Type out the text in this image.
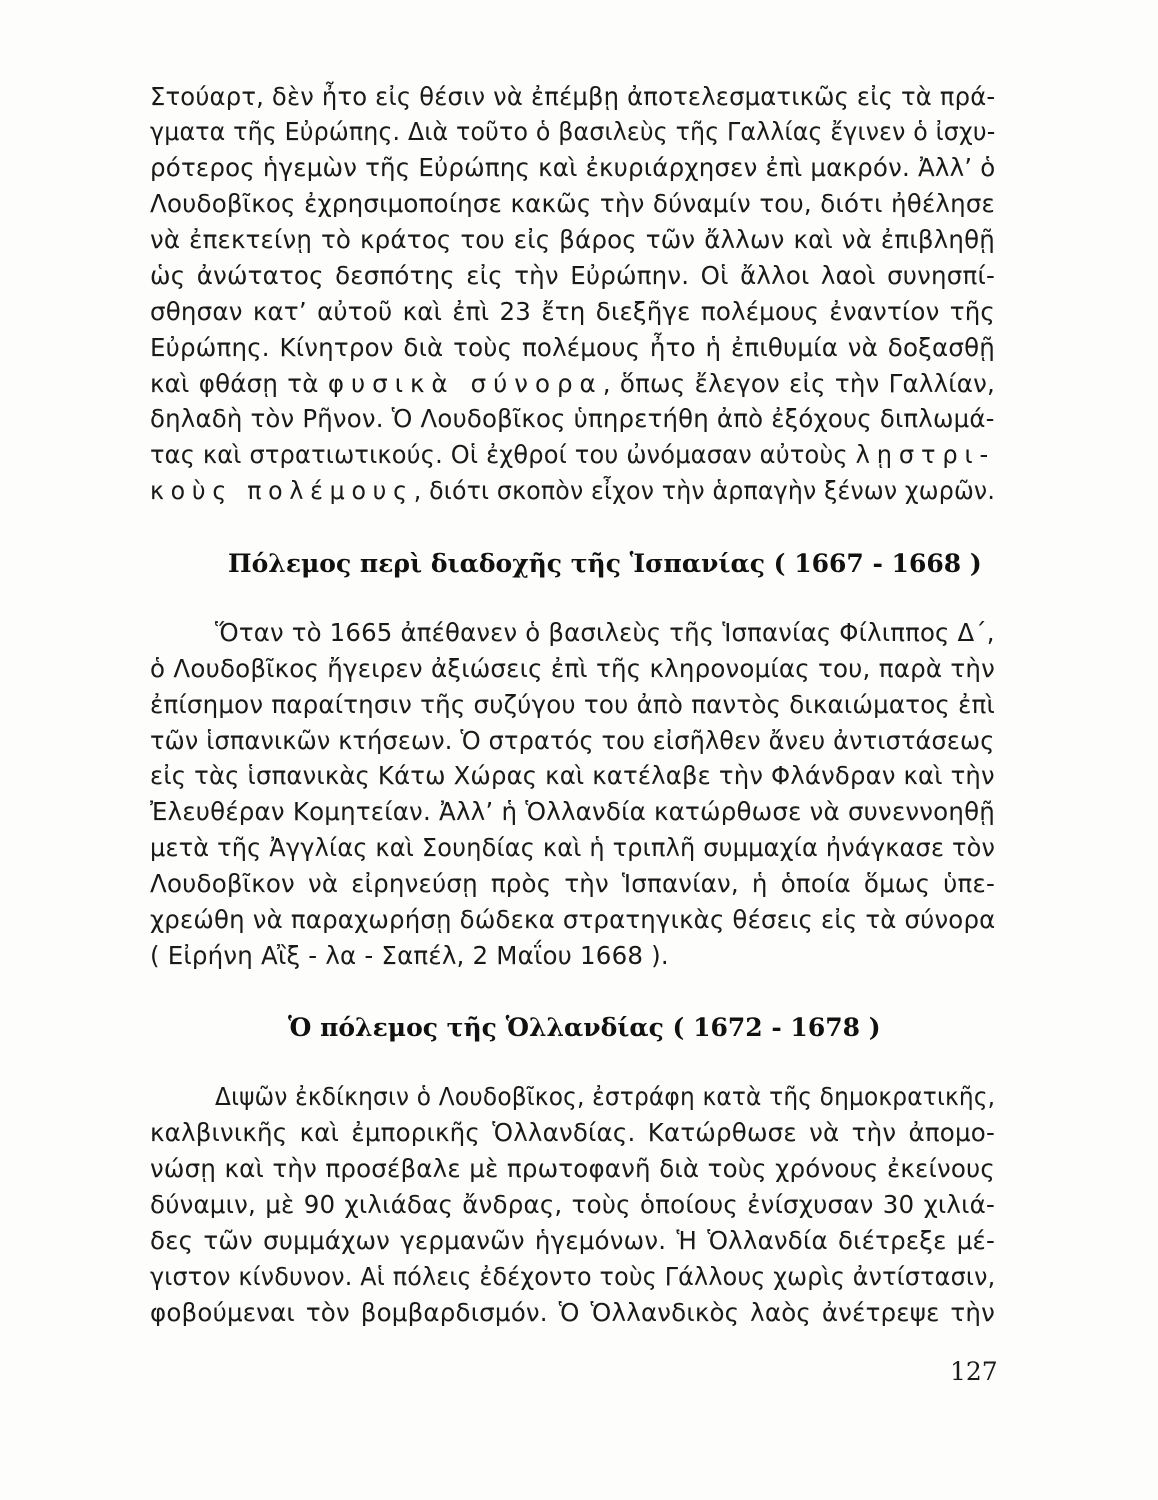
Στούαρτ, δὲν ἦτο εἰς θέσιν νὰ ἐπέμβῃ ἀποτελεσματικῶς εἰς τὰ πρά-
γματα τῆς Εὐρώπης. Διὰ τοῦτο ὁ βασιλεὺς τῆς Γαλλίας ἔγινεν ὁ ἰσχυ-
ρότερος ἡγεμὼν τῆς Εὐρώπης καὶ ἐκυριάρχησεν ἐπὶ μακρόν. Ἀλλ’ ὁ
Λουδοβῖκος ἐχρησιμοποίησε κακῶς τὴν δύναμίν του, διότι ἠθέλησε
νὰ ἐπεκτείνῃ τὸ κράτος του εἰς βάρος τῶν ἄλλων καὶ νὰ ἐπιβληθῇ
ὡς ἀνώτατος δεσπότης εἰς τὴν Εὐρώπην. Οἱ ἄλλοι λαοὶ συνησπί-
σθησαν κατ’ αὐτοῦ καὶ ἐπὶ 23 ἔτη διεξῆγε πολέμους ἐναντίον τῆς
Εὐρώπης. Κίνητρον διὰ τοὺς πολέμους ἦτο ἡ ἐπιθυμία νὰ δοξασθῇ
καὶ φθάσῃ τὰ φυσικὰ σύνορα, ὅπως ἔλεγον εἰς τὴν Γαλλίαν,
δηλαδὴ τὸν Ρῆνον. Ὁ Λουδοβῖκος ὑπηρετήθη ἀπὸ ἐξόχους διπλωμά-
τας καὶ στρατιωτικούς. Οἱ ἐχθροί του ὠνόμασαν αὐτοὺς λῃστρι-
κοὺς πολέμους, διότι σκοπὸν εἶχον τὴν ἁρπαγὴν ξένων χωρῶν.
Πόλεμος περὶ διαδοχῆς τῆς Ἱσπανίας ( 1667 - 1668 )
Ὅταν τὸ 1665 ἀπέθανεν ὁ βασιλεὺς τῆς Ἱσπανίας Φίλιππος Δ΄,
ὁ Λουδοβῖκος ἤγειρεν ἀξιώσεις ἐπὶ τῆς κληρονομίας του, παρὰ τὴν
ἐπίσημον παραίτησιν τῆς συζύγου του ἀπὸ παντὸς δικαιώματος ἐπὶ
τῶν ἱσπανικῶν κτήσεων. Ὁ στρατός του εἰσῆλθεν ἄνευ ἀντιστάσεως
εἰς τὰς ἱσπανικὰς Κάτω Χώρας καὶ κατέλαβε τὴν Φλάνδραν καὶ τὴν
Ἐλευθέραν Κομητείαν. Ἀλλ’ ἡ Ὁλλανδία κατώρθωσε νὰ συνεννοηθῇ
μετὰ τῆς Ἀγγλίας καὶ Σουηδίας καὶ ἡ τριπλῆ συμμαχία ἠνάγκασε τὸν
Λουδοβῖκον νὰ εἰρηνεύσῃ πρὸς τὴν Ἱσπανίαν, ἡ ὁποία ὅμως ὑπε-
χρεώθη νὰ παραχωρήσῃ δώδεκα στρατηγικὰς θέσεις εἰς τὰ σύνορα
( Εἰρήνη Αἲξ - λα - Σαπέλ, 2 Μαΐου 1668 ).
Ὁ πόλεμος τῆς Ὁλλανδίας ( 1672 - 1678 )
Διψῶν ἐκδίκησιν ὁ Λουδοβῖκος, ἐστράφη κατὰ τῆς δημοκρατικῆς,
καλβινικῆς καὶ ἐμπορικῆς Ὁλλανδίας. Κατώρθωσε νὰ τὴν ἀπομο-
νώσῃ καὶ τὴν προσέβαλε μὲ πρωτοφανῆ διὰ τοὺς χρόνους ἐκείνους
δύναμιν, μὲ 90 χιλιάδας ἄνδρας, τοὺς ὁποίους ἐνίσχυσαν 30 χιλιά-
δες τῶν συμμάχων γερμανῶν ἡγεμόνων. Ἡ Ὁλλανδία διέτρεξε μέ-
γιστον κίνδυνον. Αἱ πόλεις ἐδέχοντο τοὺς Γάλλους χωρὶς ἀντίστασιν,
φοβούμεναι τὸν βομβαρδισμόν. Ὁ Ὁλλανδικὸς λαὸς ἀνέτρεψε τὴν
127
